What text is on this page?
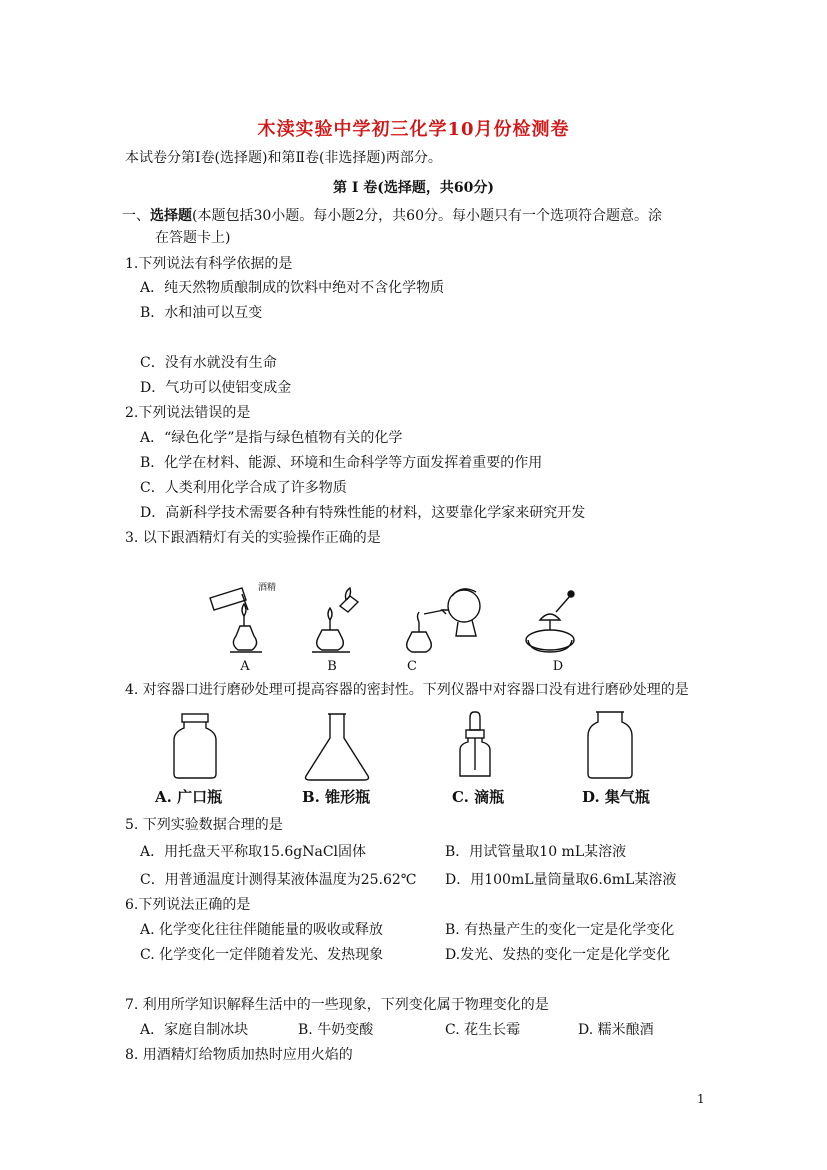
木渎实验中学初三化学10月份检测卷
本试卷分第Ⅰ卷(选择题)和第Ⅱ卷(非选择题)两部分。
第 Ⅰ 卷(选择题，共60分)
一、选择题(本题包括30小题。每小题2分，共60分。每小题只有一个选项符合题意。涂
在答题卡上)
1.下列说法有科学依据的是
A．纯天然物质酿制成的饮料中绝对不含化学物质
B．水和油可以互变
C．没有水就没有生命
D．气功可以使铝变成金
2.下列说法错误的是
A．“绿色化学”是指与绿色植物有关的化学
B．化学在材料、能源、环境和生命科学等方面发挥着重要的作用
C．人类利用化学合成了许多物质
D．高新科学技术需要各种有特殊性能的材料，这要靠化学家来研究开发
3. 以下跟酒精灯有关的实验操作正确的是
酒精
A	B	C	D
4. 对容器口进行磨砂处理可提高容器的密封性。下列仪器中对容器口没有进行磨砂处理的是
A. 广口瓶	B. 锥形瓶	C. 滴瓶	D. 集气瓶
5. 下列实验数据合理的是
A．用托盘天平称取15.6gNaCl固体	B．用试管量取10 mL某溶液
C．用普通温度计测得某液体温度为25.62℃ D．用100mL量筒量取6.6mL某溶液
6.下列说法正确的是
A. 化学变化往往伴随能量的吸收或释放	B. 有热量产生的变化一定是化学变化
C. 化学变化一定伴随着发光、发热现象	D.发光、发热的变化一定是化学变化
7. 利用所学知识解释生活中的一些现象，下列变化属于物理变化的是
A．家庭自制冰块	B. 牛奶变酸	C. 花生长霉	D. 糯米酿酒
8. 用酒精灯给物质加热时应用火焰的
1
